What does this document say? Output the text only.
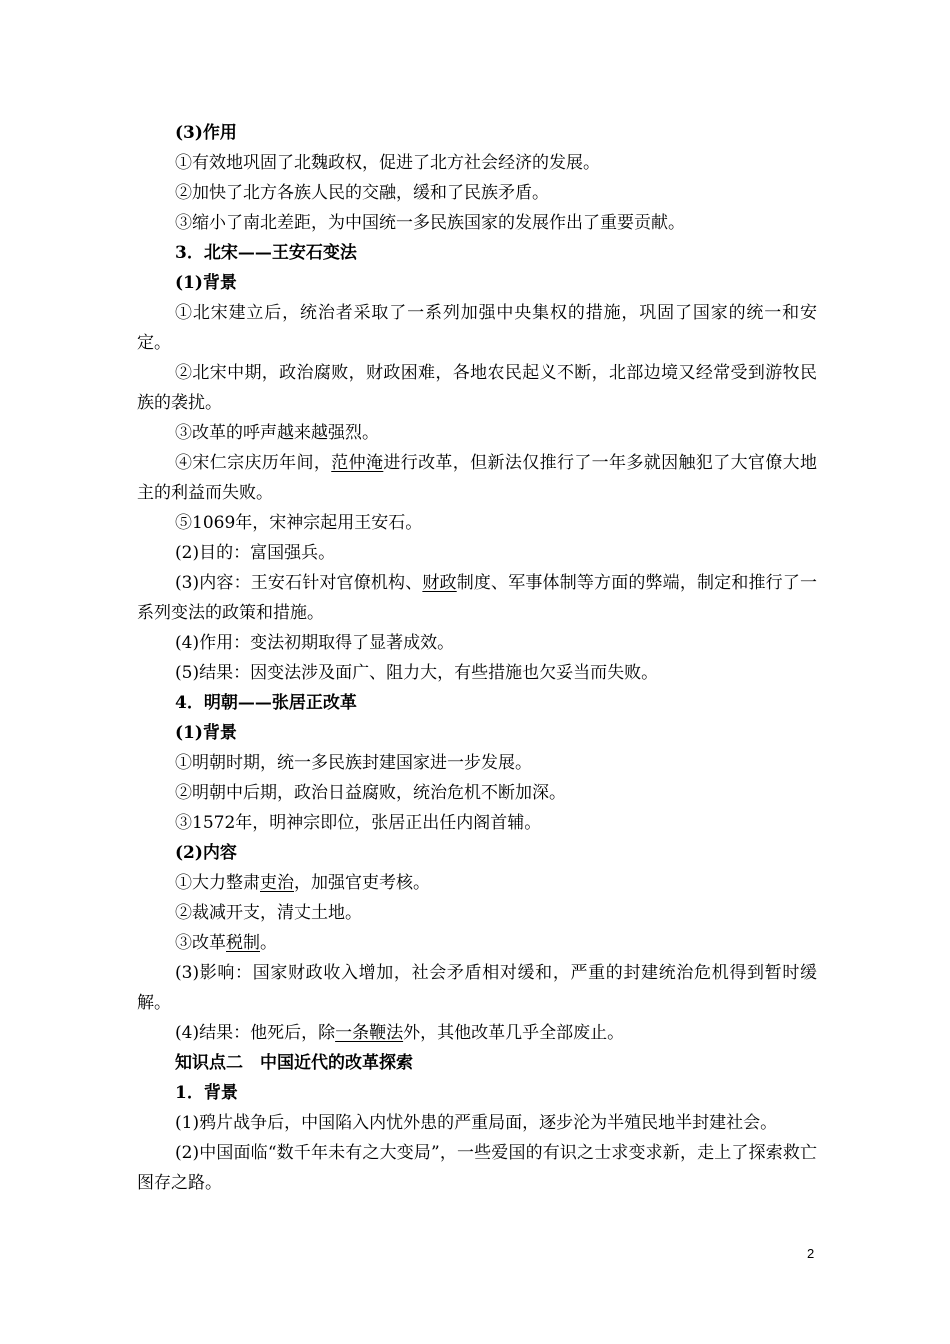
(3)作用

①有效地巩固了北魏政权，促进了北方社会经济的发展。

②加快了北方各族人民的交融，缓和了民族矛盾。

③缩小了南北差距，为中国统一多民族国家的发展作出了重要贡献。

3．北宋——王安石变法

(1)背景

①北宋建立后，统治者采取了一系列加强中央集权的措施，巩固了国家的统一和安定。

②北宋中期，政治腐败，财政困难，各地农民起义不断，北部边境又经常受到游牧民族的袭扰。

③改革的呼声越来越强烈。

④宋仁宗庆历年间，范仲淹进行改革，但新法仅推行了一年多就因触犯了大官僚大地主的利益而失败。

⑤1069年，宋神宗起用王安石。

(2)目的：富国强兵。

(3)内容：王安石针对官僚机构、财政制度、军事体制等方面的弊端，制定和推行了一系列变法的政策和措施。

(4)作用：变法初期取得了显著成效。

(5)结果：因变法涉及面广、阻力大，有些措施也欠妥当而失败。

4．明朝——张居正改革

(1)背景

①明朝时期，统一多民族封建国家进一步发展。

②明朝中后期，政治日益腐败，统治危机不断加深。

③1572年，明神宗即位，张居正出任内阁首辅。

(2)内容

①大力整肃吏治，加强官吏考核。

②裁减开支，清丈土地。

③改革税制。

(3)影响：国家财政收入增加，社会矛盾相对缓和，严重的封建统治危机得到暂时缓解。

(4)结果：他死后，除一条鞭法外，其他改革几乎全部废止。

知识点二　中国近代的改革探索

1．背景

(1)鸦片战争后，中国陷入内忧外患的严重局面，逐步沦为半殖民地半封建社会。

(2)中国面临“数千年未有之大变局”，一些爱国的有识之士求变求新，走上了探索救亡图存之路。

2
